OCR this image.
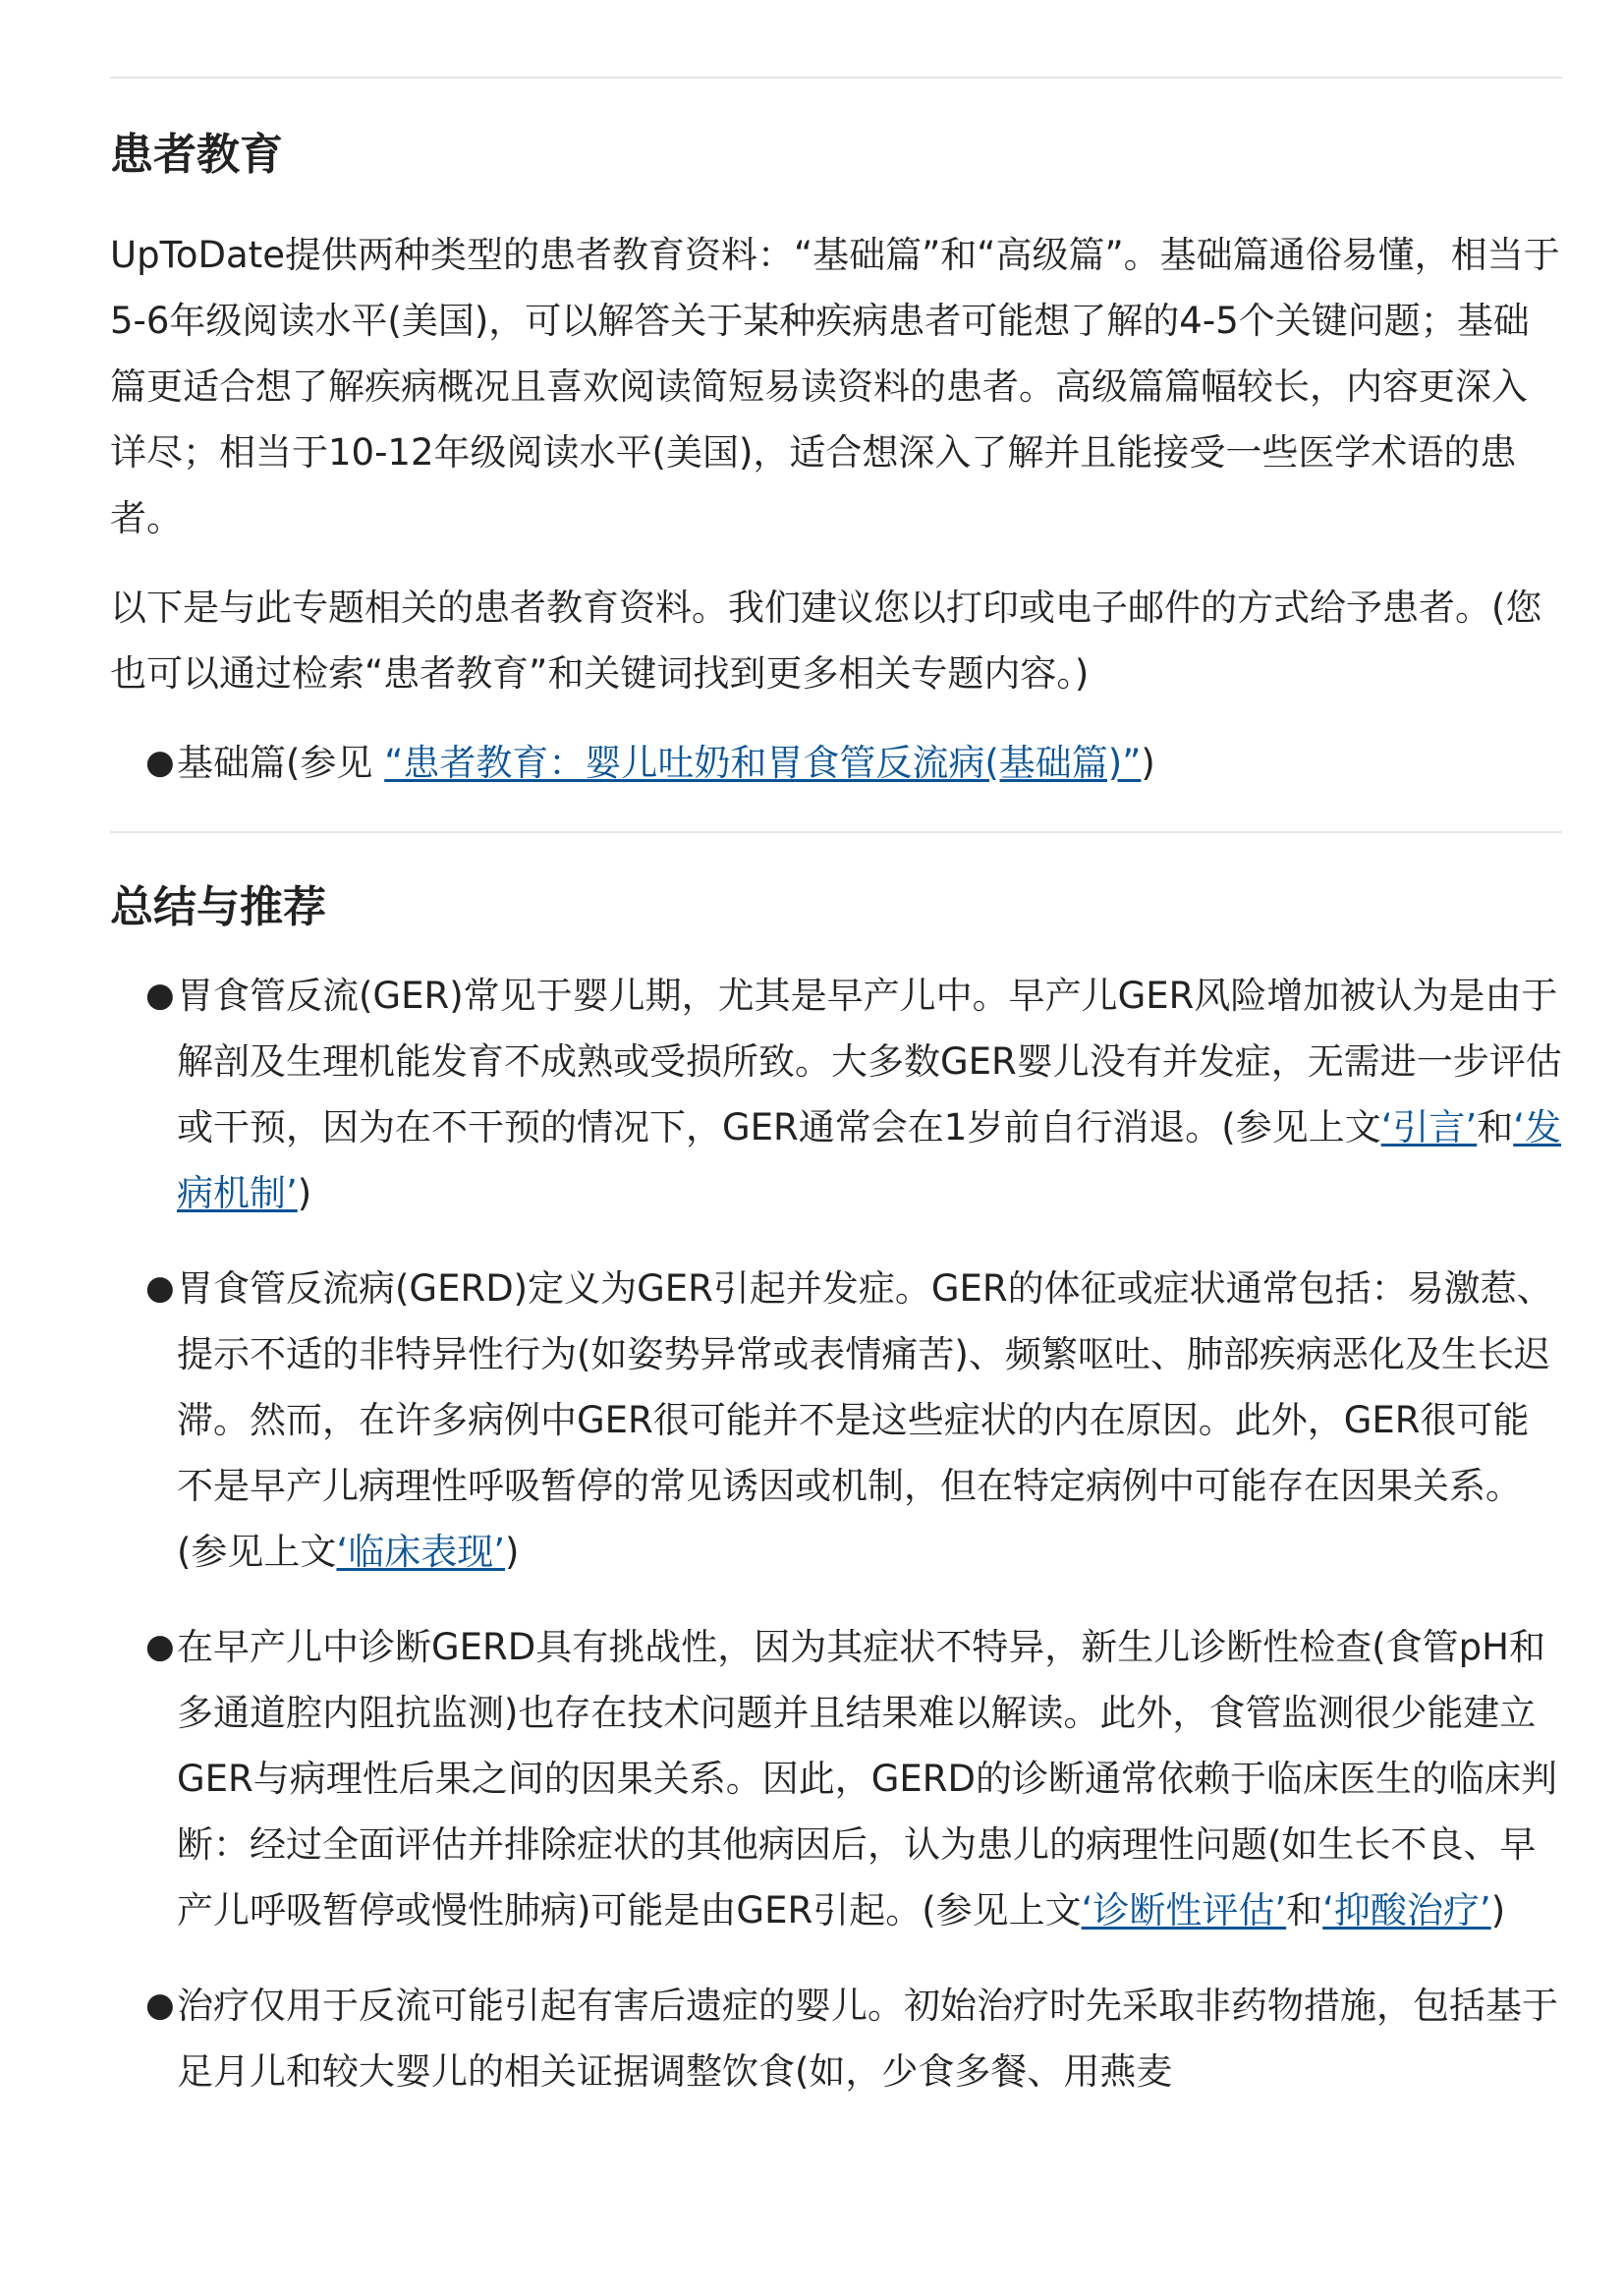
患者教育

UpToDate提供两种类型的患者教育资料：“基础篇”和“高级篇”。基础篇通俗易懂，相当于5-6年级阅读水平(美国)，可以解答关于某种疾病患者可能想了解的4-5个关键问题；基础篇更适合想了解疾病概况且喜欢阅读简短易读资料的患者。高级篇篇幅较长，内容更深入详尽；相当于10-12年级阅读水平(美国)，适合想深入了解并且能接受一些医学术语的患者。

以下是与此专题相关的患者教育资料。我们建议您以打印或电子邮件的方式给予患者。(您也可以通过检索“患者教育”和关键词找到更多相关专题内容。)

● 基础篇(参见 “患者教育：婴儿吐奶和胃食管反流病(基础篇)”)
总结与推荐
● 胃食管反流(GER)常见于婴儿期，尤其是早产儿中。早产儿GER风险增加被认为是由于解剖及生理机能发育不成熟或受损所致。大多数GER婴儿没有并发症，无需进一步评估或干预，因为在不干预的情况下，GER通常会在1岁前自行消退。(参见上文‘引言’和‘发病机制’)
● 胃食管反流病(GERD)定义为GER引起并发症。GER的体征或症状通常包括：易激惹、提示不适的非特异性行为(如姿势异常或表情痛苦)、频繁呕吐、肺部疾病恶化及生长迟滞。然而，在许多病例中GER很可能并不是这些症状的内在原因。此外，GER很可能不是早产儿病理性呼吸暂停的常见诱因或机制，但在特定病例中可能存在因果关系。(参见上文‘临床表现’)
● 在早产儿中诊断GERD具有挑战性，因为其症状不特异，新生儿诊断性检查(食管pH和多通道腔内阻抗监测)也存在技术问题并且结果难以解读。此外，食管监测很少能建立GER与病理性后果之间的因果关系。因此，GERD的诊断通常依赖于临床医生的临床判断：经过全面评估并排除症状的其他病因后，认为患儿的病理性问题(如生长不良、早产儿呼吸暂停或慢性肺病)可能是由GER引起。(参见上文‘诊断性评估’和‘抑酸治疗’)
● 治疗仅用于反流可能引起有害后遗症的婴儿。初始治疗时先采取非药物措施，包括基于足月儿和较大婴儿的相关证据调整饮食(如，少食多餐、用燕麦
